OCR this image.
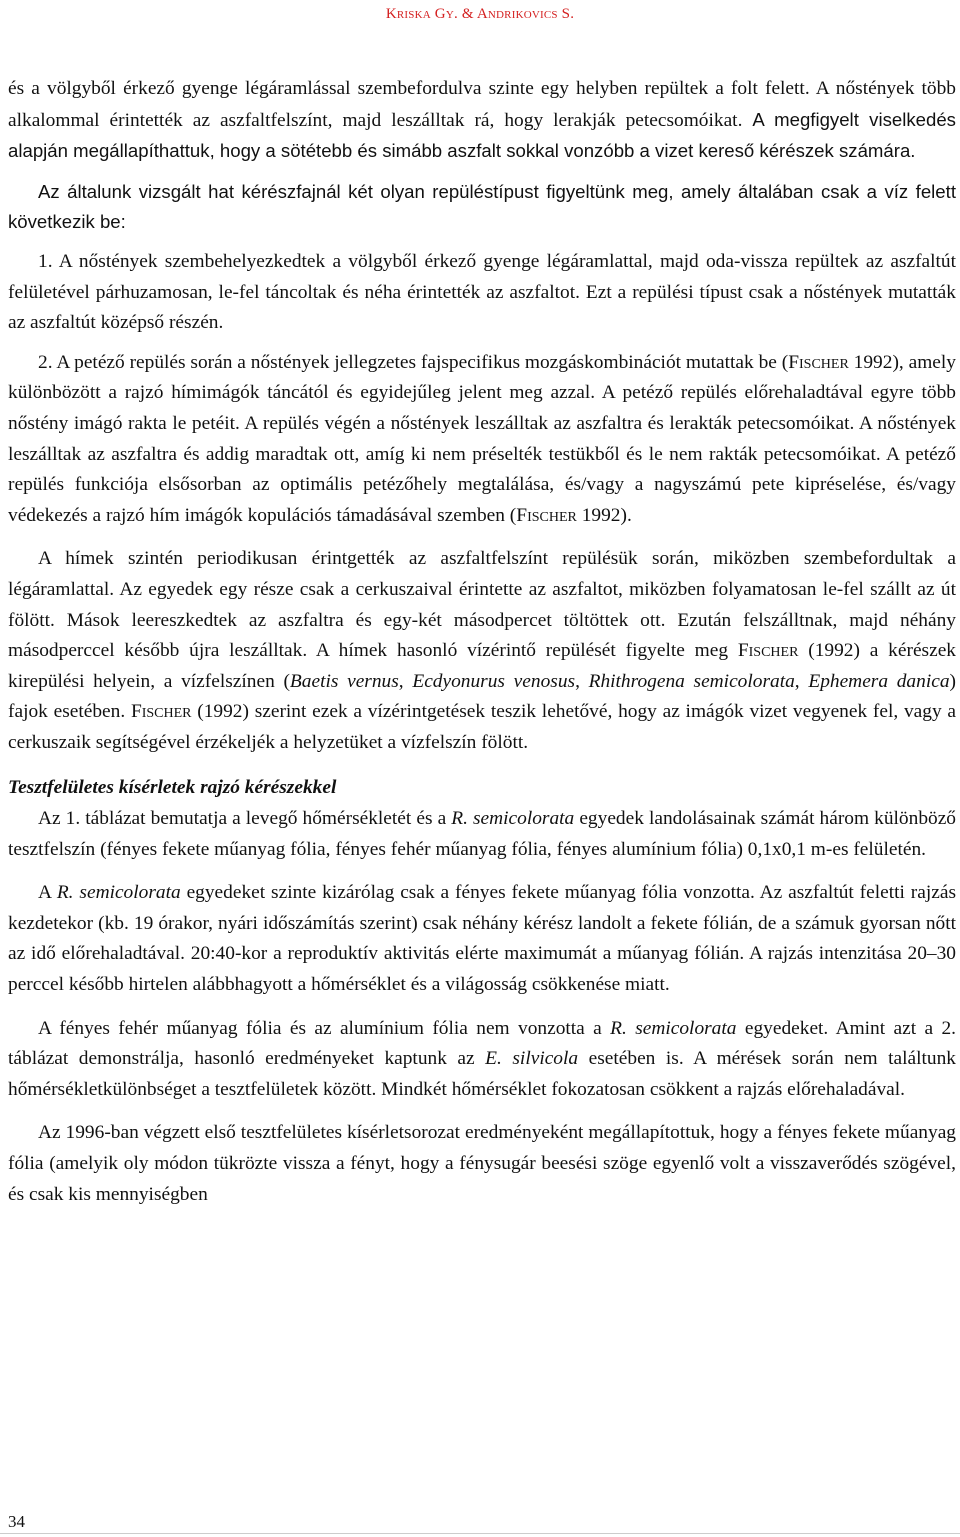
Kriska Gy. & Andrikovics S.

és a völgyből érkező gyenge légáramlással szembefordulva szinte egy helyben repültek a folt felett. A nőstények több alkalommal érintették az aszfaltfelszínt, majd leszálltak rá, hogy lerakják petecsomóikat. A megfigyelt viselkedés alapján megállapíthattuk, hogy a sötétebb és simább aszfalt sokkal vonzóbb a vizet kereső kérészek számára.

Az általunk vizsgált hat kérészfajnál két olyan repüléstípust figyeltünk meg, amely általában csak a víz felett következik be:

1. A nőstények szembehelyezkedtek a völgyből érkező gyenge légáramlattal, majd oda-vissza repültek az aszfaltút felületével párhuzamosan, le-fel táncoltak és néha érintették az aszfaltot. Ezt a repülési típust csak a nőstények mutatták az aszfaltút középső részén.

2. A petéző repülés során a nőstények jellegzetes fajspecifikus mozgáskombinációt mutattak be (Fischer 1992), amely különbözött a rajzó hímimágók táncától és egyidejűleg jelent meg azzal. A petéző repülés előrehaladtával egyre több nőstény imágó rakta le petéit. A repülés végén a nőstények leszálltak az aszfaltra és lerakták petecsomóikat. A nőstények leszálltak az aszfaltra és addig maradtak ott, amíg ki nem préselték testükből és le nem rakták petecsomóikat. A petéző repülés funkciója elsősorban az optimális petézőhely megtalálása, és/vagy a nagyszámú pete kipréselése, és/vagy védekezés a rajzó hím imágók kopulációs támadásával szemben (Fischer 1992).

A hímek szintén periodikusan érintgették az aszfaltfelszínt repülésük során, miközben szembefordultak a légáramlattal. Az egyedek egy része csak a cerkuszaival érintette az aszfaltot, miközben folyamatosan le-fel szállt az út fölött. Mások leereszkedtek az aszfaltra és egy-két másodpercet töltöttek ott. Ezután felszálltnak, majd néhány másodperccel később újra leszálltak. A hímek hasonló vízérintő repülését figyelte meg Fischer (1992) a kérészek kirepülési helyein, a vízfelszínen (Baetis vernus, Ecdyonurus venosus, Rhithrogena semicolorata, Ephemera danica) fajok esetében. Fischer (1992) szerint ezek a vízérintgetések teszik lehetővé, hogy az imágók vizet vegyenek fel, vagy a cerkuszaik segítségével érzékeljék a helyzetüket a vízfelszín fölött.

Tesztfelületes kísérletek rajzó kérészekkel

Az 1. táblázat bemutatja a levegő hőmérsékletét és a R. semicolorata egyedek landolásainak számát három különböző tesztfelszín (fényes fekete műanyag fólia, fényes fehér műanyag fólia, fényes alumínium fólia) 0,1x0,1 m-es felületén.

A R. semicolorata egyedeket szinte kizárólag csak a fényes fekete műanyag fólia vonzotta. Az aszfaltút feletti rajzás kezdetekor (kb. 19 órakor, nyári időszámítás szerint) csak néhány kérész landolt a fekete fólián, de a számuk gyorsan nőtt az idő előrehaladtával. 20:40-kor a reproduktív aktivitás elérte maximumát a műanyag fólián. A rajzás intenzitása 20–30 perccel később hirtelen alábbhagyott a hőmérséklet és a világosság csökkenése miatt.

A fényes fehér műanyag fólia és az alumínium fólia nem vonzotta a R. semicolorata egyedeket. Amint azt a 2. táblázat demonstrálja, hasonló eredményeket kaptunk az E. silvicola esetében is. A mérések során nem találtunk hőmérsékletkülönbséget a tesztfelületek között. Mindkét hőmérséklet fokozatosan csökkent a rajzás előrehaladával.

Az 1996-ban végzett első tesztfelületes kísérletsorozat eredményeként megállapítottuk, hogy a fényes fekete műanyag fólia (amelyik oly módon tükrözte vissza a fényt, hogy a fénysugár beesési szöge egyenlő volt a visszaverődés szögével, és csak kis mennyiségben

34
